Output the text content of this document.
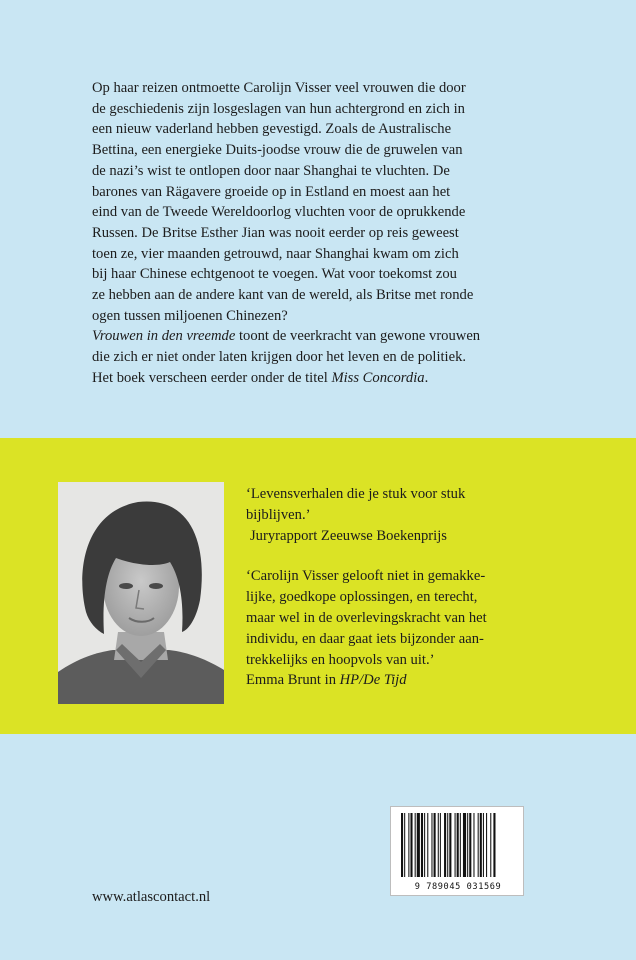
Op haar reizen ontmoette Carolijn Visser veel vrouwen die door
de geschiedenis zijn losgeslagen van hun achtergrond en zich in
een nieuw vaderland hebben gevestigd. Zoals de Australische
Bettina, een energieke Duits-joodse vrouw die de gruwelen van
de nazi’s wist te ontlopen door naar Shanghai te vluchten. De
barones van Rägavere groeide op in Estland en moest aan het
eind van de Tweede Wereldoorlog vluchten voor de oprukkende
Russen. De Britse Esther Jian was nooit eerder op reis geweest
toen ze, vier maanden getrouwd, naar Shanghai kwam om zich
bij haar Chinese echtgenoot te voegen. Wat voor toekomst zou
ze hebben aan de andere kant van de wereld, als Britse met ronde
ogen tussen miljoenen Chinezen?

Vrouwen in den vreemde toont de veerkracht van gewone vrouwen
die zich er niet onder laten krijgen door het leven en de politiek.
Het boek verscheen eerder onder de titel Miss Concordia.

‘Levensverhalen die je stuk voor stuk
bijblijven.’
Juryrapport Zeeuwse Boekenprijs
‘Carolijn Visser gelooft niet in gemakke-
lijke, goedkope oplossingen, en terecht,
maar wel in de overlevingskracht van het
individu, en daar gaat iets bijzonder aan-
trekkelijks en hoopvols van uit.’
Emma Brunt in HP/De Tijd
9 789045 031569
www.atlascontact.nl
